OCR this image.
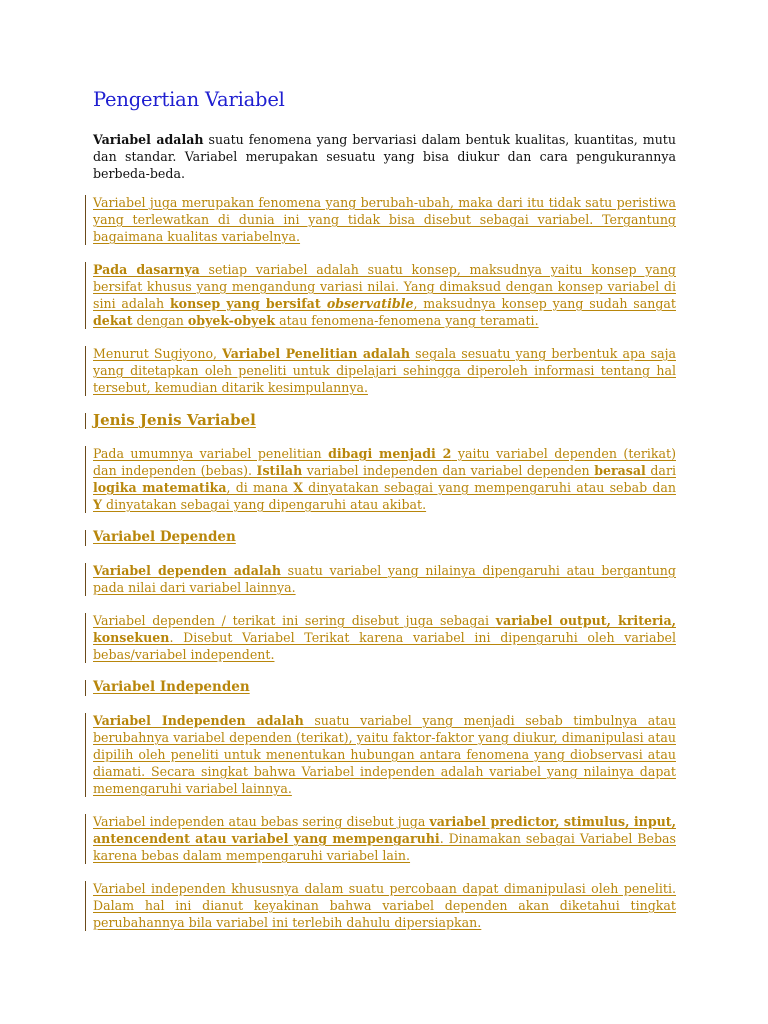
Pengertian Variabel

Variabel adalah suatu fenomena yang bervariasi dalam bentuk kualitas, kuantitas, mutu dan standar. Variabel merupakan sesuatu yang bisa diukur dan cara pengukurannya berbeda-beda.

Variabel juga merupakan fenomena yang berubah-ubah, maka dari itu tidak satu peristiwa yang terlewatkan di dunia ini yang tidak bisa disebut sebagai variabel. Tergantung bagaimana kualitas variabelnya.
Pada dasarnya setiap variabel adalah suatu konsep, maksudnya yaitu konsep yang bersifat khusus yang mengandung variasi nilai. Yang dimaksud dengan konsep variabel di sini adalah konsep yang bersifat observatible, maksudnya konsep yang sudah sangat dekat dengan obyek-obyek atau fenomena-fenomena yang teramati.
Menurut Sugiyono, Variabel Penelitian adalah segala sesuatu yang berbentuk apa saja yang ditetapkan oleh peneliti untuk dipelajari sehingga diperoleh informasi tentang hal tersebut, kemudian ditarik kesimpulannya.
Jenis Jenis Variabel
Pada umumnya variabel penelitian dibagi menjadi 2 yaitu variabel dependen (terikat) dan independen (bebas). Istilah variabel independen dan variabel dependen berasal dari logika matematika, di mana X dinyatakan sebagai yang mempengaruhi atau sebab dan Y dinyatakan sebagai yang dipengaruhi atau akibat.
Variabel Dependen
Variabel dependen adalah suatu variabel yang nilainya dipengaruhi atau bergantung pada nilai dari variabel lainnya.
Variabel dependen / terikat ini sering disebut juga sebagai variabel output, kriteria, konsekuen. Disebut Variabel Terikat karena variabel ini dipengaruhi oleh variabel bebas/variabel independent.
Variabel Independen
Variabel Independen adalah suatu variabel yang menjadi sebab timbulnya atau berubahnya variabel dependen (terikat), yaitu faktor-faktor yang diukur, dimanipulasi atau dipilih oleh peneliti untuk menentukan hubungan antara fenomena yang diobservasi atau diamati. Secara singkat bahwa Variabel independen adalah variabel yang nilainya dapat memengaruhi variabel lainnya.
Variabel independen atau bebas sering disebut juga variabel predictor, stimulus, input, antencendent atau variabel yang mempengaruhi. Dinamakan sebagai Variabel Bebas karena bebas dalam mempengaruhi variabel lain.
Variabel independen khususnya dalam suatu percobaan dapat dimanipulasi oleh peneliti. Dalam hal ini dianut keyakinan bahwa variabel dependen akan diketahui tingkat perubahannya bila variabel ini terlebih dahulu dipersiapkan.
